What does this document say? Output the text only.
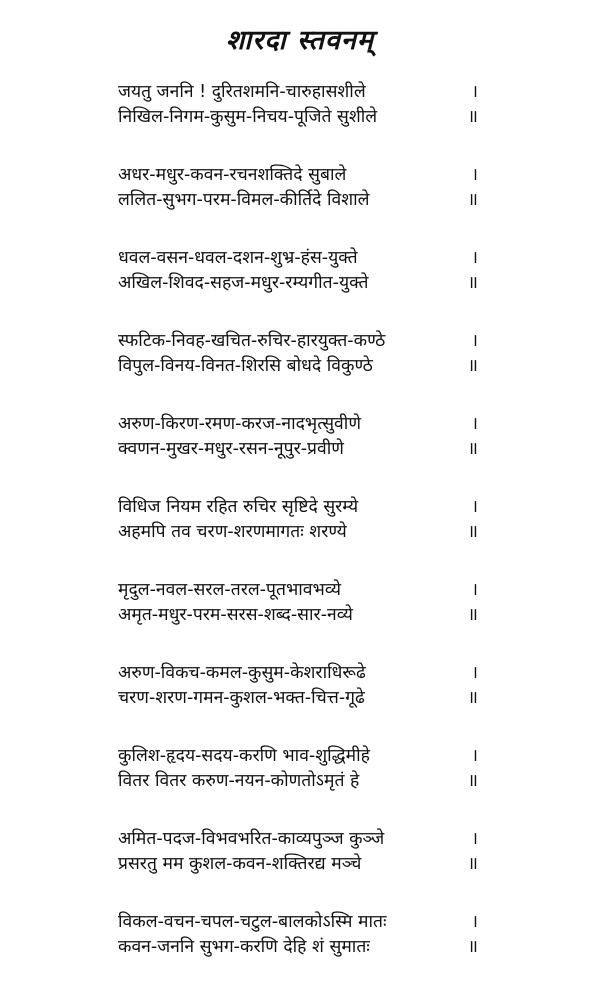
शारदा स्तवनम्
जयतु जननि ! दुरितशमनि-चारुहासशीले	।
निखिल-निगम-कुसुम-निचय-पूजिते सुशीले	॥
अधर-मधुर-कवन-रचनशक्तिदे सुबाले	।
ललित-सुभग-परम-विमल-कीर्तिदे विशाले	॥
धवल-वसन-धवल-दशन-शुभ्र-हंस-युक्ते	।
अखिल-शिवद-सहज-मधुर-रम्यगीत-युक्ते	॥
स्फटिक-निवह-खचित-रुचिर-हारयुक्त-कण्ठे	।
विपुल-विनय-विनत-शिरसि बोधदे विकुण्ठे	॥
अरुण-किरण-रमण-करज-नादभृत्सुवीणे	।
क्वणन-मुखर-मधुर-रसन-नूपुर-प्रवीणे	॥
विधिज नियम रहित रुचिर सृष्टिदे सुरम्ये	।
अहमपि तव चरण-शरणमागतः शरण्ये	॥
मृदुल-नवल-सरल-तरल-पूतभावभव्ये	।
अमृत-मधुर-परम-सरस-शब्द-सार-नव्ये	॥
अरुण-विकच-कमल-कुसुम-केशराधिरूढे	।
चरण-शरण-गमन-कुशल-भक्त-चित्त-गूढे	॥
कुलिश-हृदय-सदय-करणि भाव-शुद्धिमीहे	।
वितर वितर करुण-नयन-कोणतोऽमृतं हे	॥
अमित-पदज-विभवभरित-काव्यपुञ्ज कुञ्जे	।
प्रसरतु मम कुशल-कवन-शक्तिरद्य मञ्चे	॥
विकल-वचन-चपल-चटुल-बालकोऽस्मि मातः	।
कवन-जननि सुभग-करणि देहि शं सुमातः	॥
